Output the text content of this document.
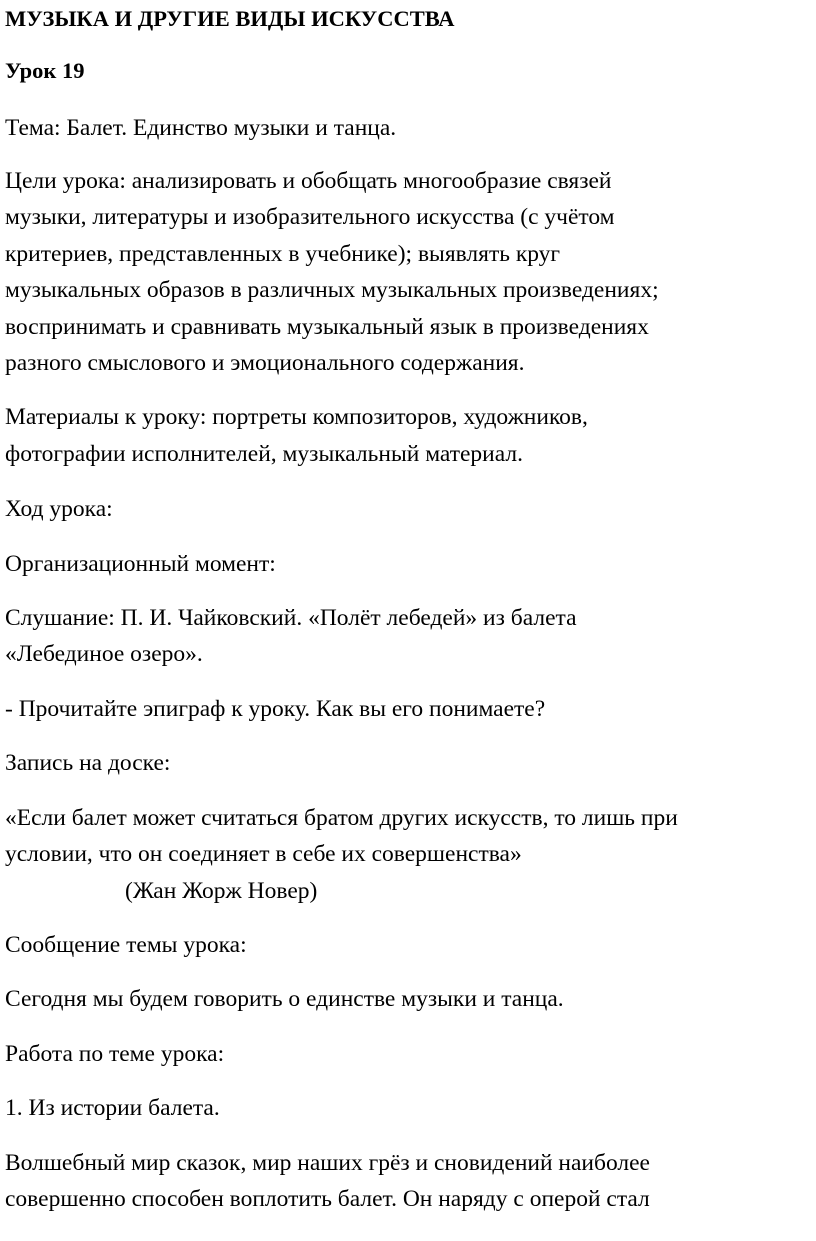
МУЗЫКА И ДРУГИЕ ВИДЫ ИСКУССТВА
Урок 19
Тема: Балет. Единство музыки и танца.
Цели урока: анализировать и обобщать многообразие связей
музыки, литературы и изобразительного искусства (с учётом
критериев, представленных в учебнике); выявлять круг
музыкальных образов в различных музыкальных произведениях;
воспринимать и сравнивать музыкальный язык в произведениях
разного смыслового и эмоционального содержания.
Материалы к уроку: портреты композиторов, художников,
фотографии исполнителей, музыкальный материал.
Ход урока:
Организационный момент:
Слушание: П. И. Чайковский. «Полёт лебедей» из балета
«Лебединое озеро».
- Прочитайте эпиграф к уроку. Как вы его понимаете?
Запись на доске:
«Если балет может считаться братом других искусств, то лишь при
условии, что он соединяет в себе их совершенства»
(Жан Жорж Новер)
Сообщение темы урока:
Сегодня мы будем говорить о единстве музыки и танца.
Работа по теме урока:
1. Из истории балета.
Волшебный мир сказок, мир наших грёз и сновидений наиболее
совершенно способен воплотить балет. Он наряду с оперой стал
